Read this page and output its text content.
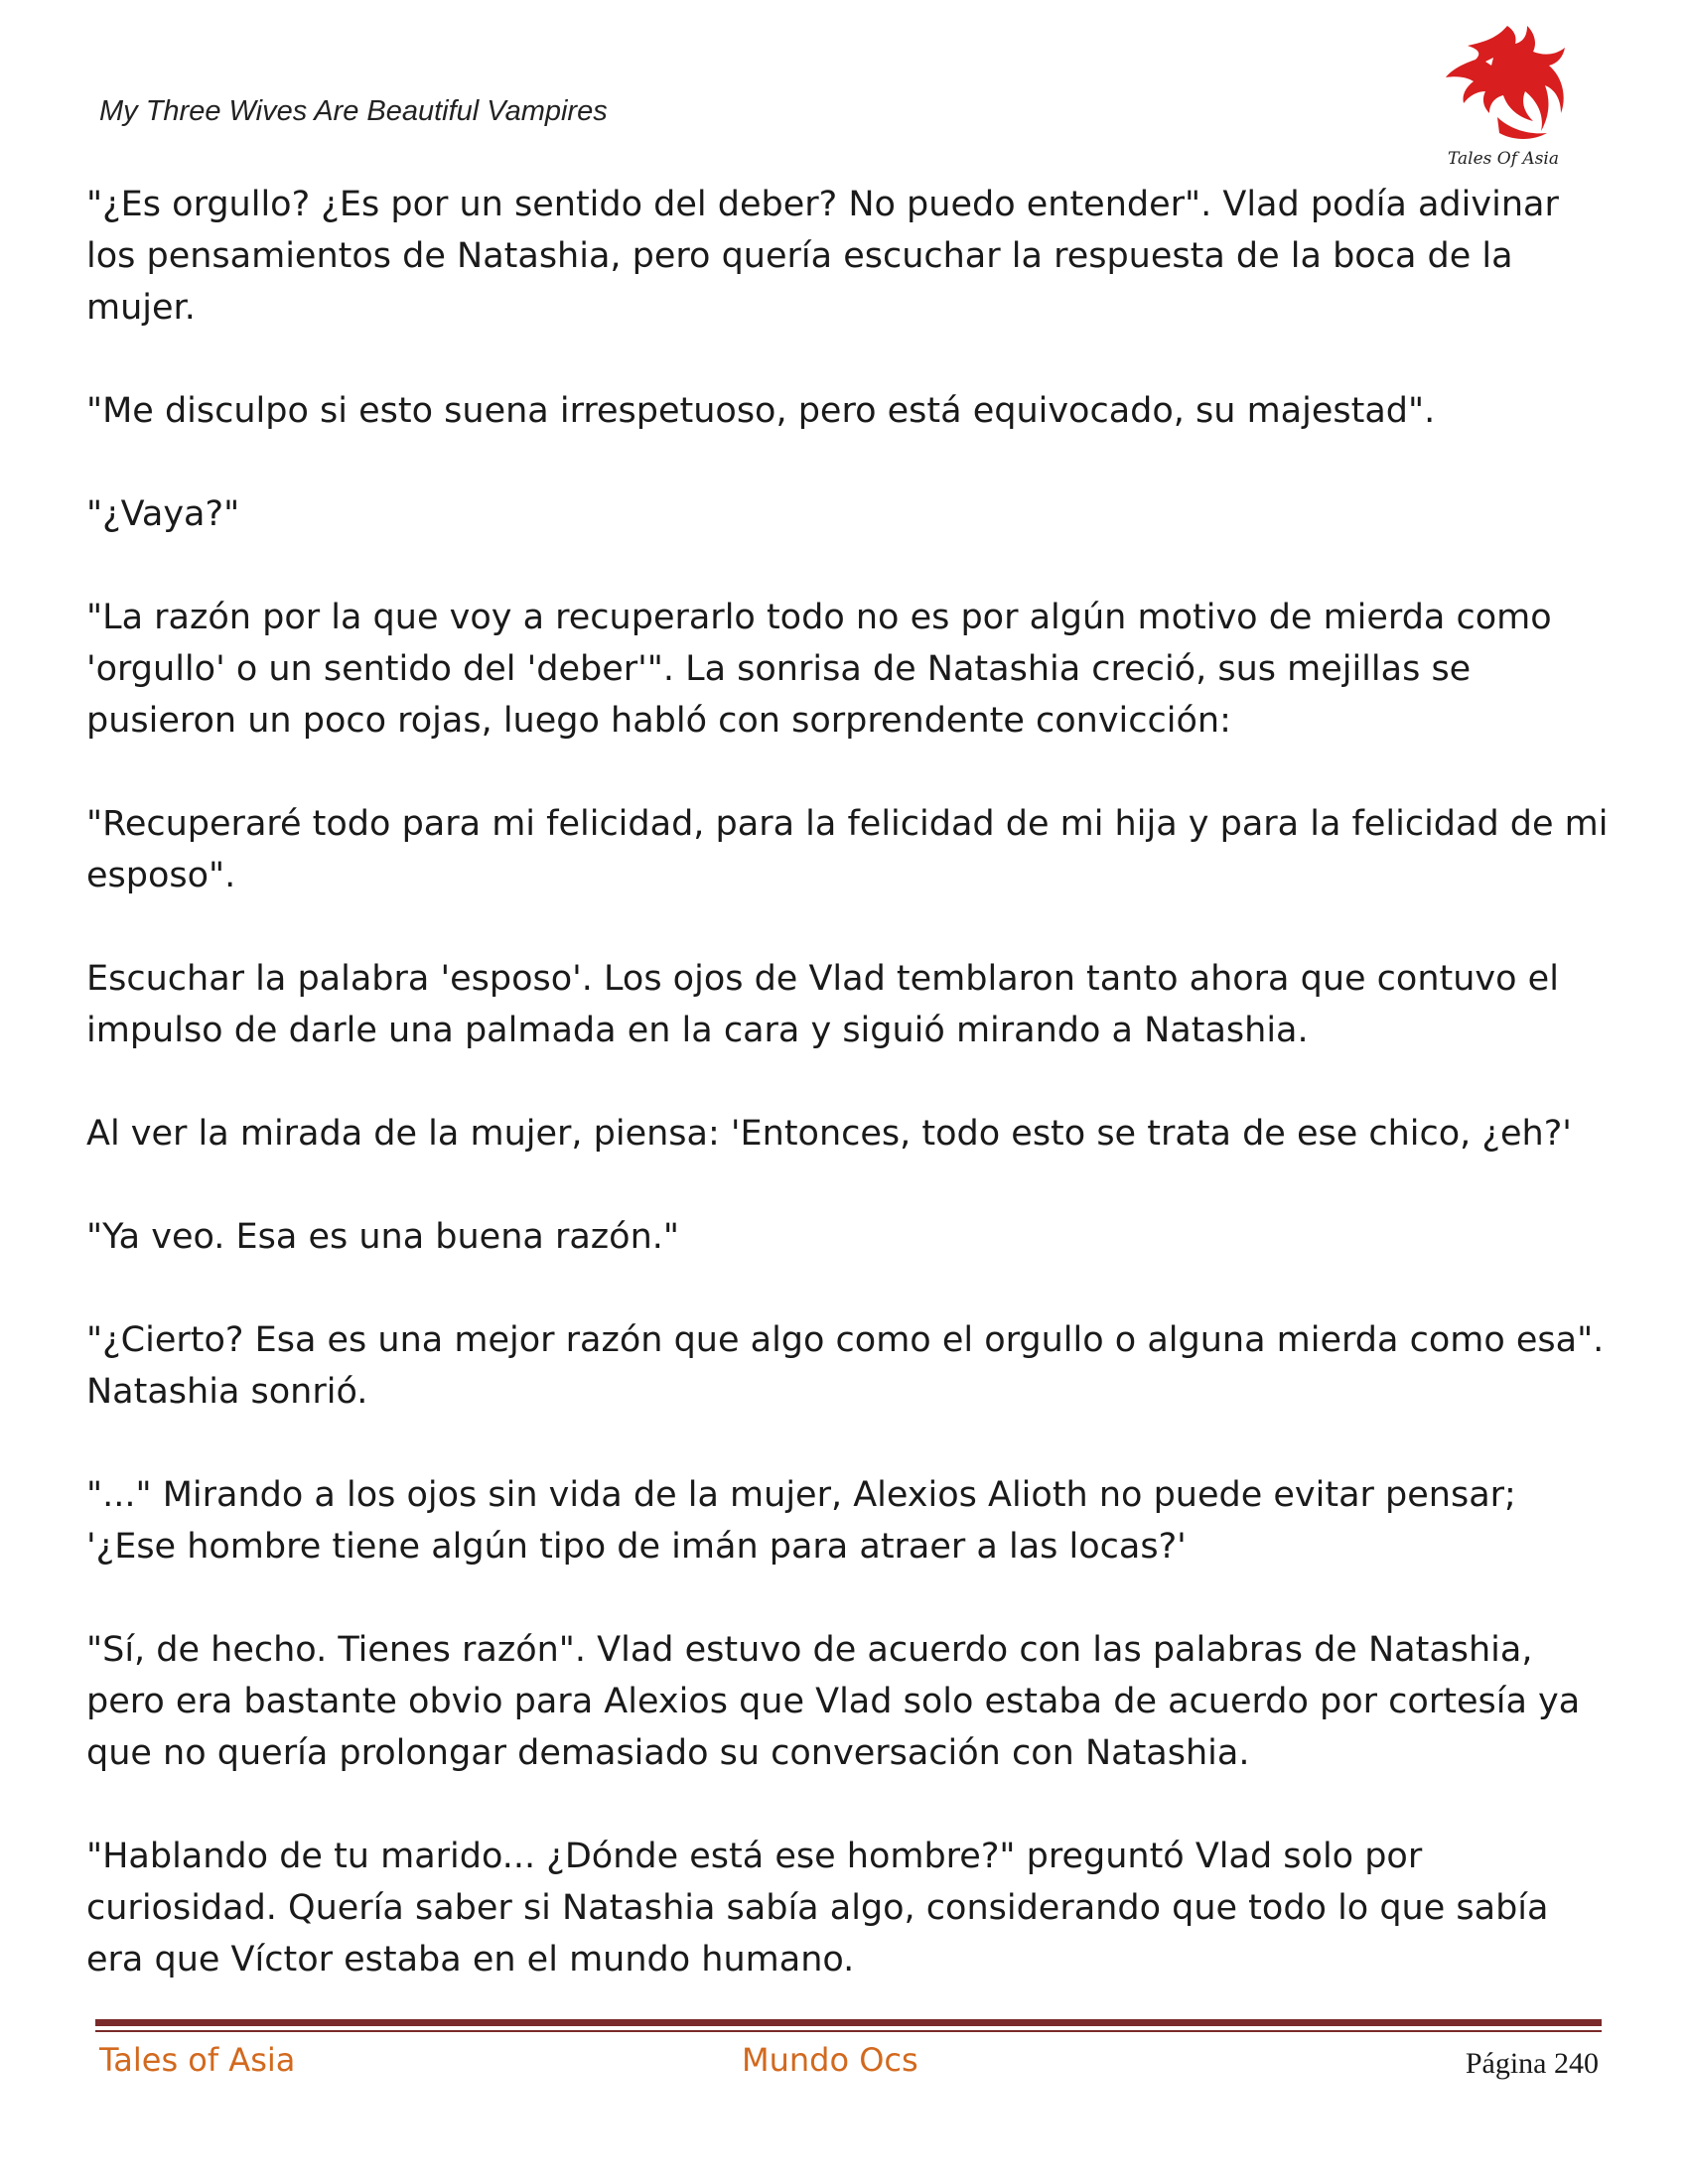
My Three Wives Are Beautiful Vampires
Tales Of Asia

"¿Es orgullo? ¿Es por un sentido del deber? No puedo entender". Vlad podía adivinar los pensamientos de Natashia, pero quería escuchar la respuesta de la boca de la mujer.

"Me disculpo si esto suena irrespetuoso, pero está equivocado, su majestad".

"¿Vaya?"

"La razón por la que voy a recuperarlo todo no es por algún motivo de mierda como 'orgullo' o un sentido del 'deber'". La sonrisa de Natashia creció, sus mejillas se pusieron un poco rojas, luego habló con sorprendente convicción:

"Recuperaré todo para mi felicidad, para la felicidad de mi hija y para la felicidad de mi esposo".

Escuchar la palabra 'esposo'. Los ojos de Vlad temblaron tanto ahora que contuvo el impulso de darle una palmada en la cara y siguió mirando a Natashia.

Al ver la mirada de la mujer, piensa: 'Entonces, todo esto se trata de ese chico, ¿eh?'

"Ya veo. Esa es una buena razón."

"¿Cierto? Esa es una mejor razón que algo como el orgullo o alguna mierda como esa". Natashia sonrió.

"..." Mirando a los ojos sin vida de la mujer, Alexios Alioth no puede evitar pensar; '¿Ese hombre tiene algún tipo de imán para atraer a las locas?'

"Sí, de hecho. Tienes razón". Vlad estuvo de acuerdo con las palabras de Natashia, pero era bastante obvio para Alexios que Vlad solo estaba de acuerdo por cortesía ya que no quería prolongar demasiado su conversación con Natashia.

"Hablando de tu marido... ¿Dónde está ese hombre?" preguntó Vlad solo por curiosidad. Quería saber si Natashia sabía algo, considerando que todo lo que sabía era que Víctor estaba en el mundo humano.

Tales of Asia	Mundo Ocs	Página 240
